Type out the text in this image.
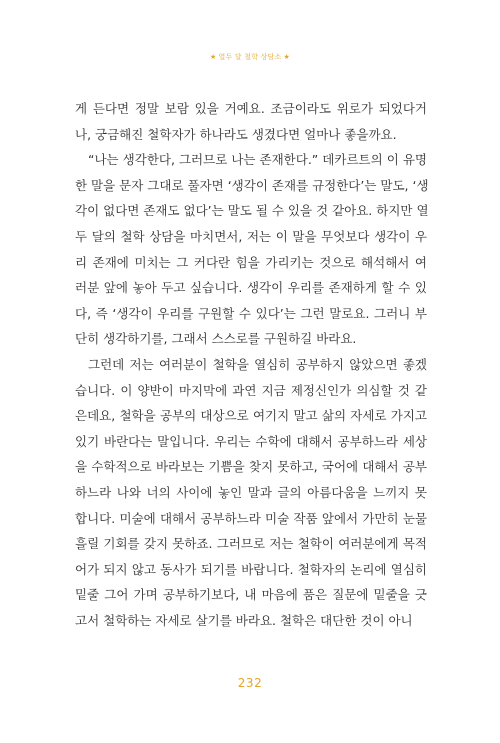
★ 열두 달 철학 상담소 ★
게 든다면 정말 보람 있을 거예요. 조금이라도 위로가 되었다거
나, 궁금해진 철학자가 하나라도 생겼다면 얼마나 좋을까요.
“나는 생각한다, 그러므로 나는 존재한다.” 데카르트의 이 유명
한 말을 문자 그대로 풀자면 ‘생각이 존재를 규정한다’는 말도, ‘생
각이 없다면 존재도 없다’는 말도 될 수 있을 것 같아요. 하지만 열
두 달의 철학 상담을 마치면서, 저는 이 말을 무엇보다 생각이 우
리 존재에 미치는 그 커다란 힘을 가리키는 것으로 해석해서 여
러분 앞에 놓아 두고 싶습니다. 생각이 우리를 존재하게 할 수 있
다, 즉 ‘생각이 우리를 구원할 수 있다’는 그런 말로요. 그러니 부
단히 생각하기를, 그래서 스스로를 구원하길 바라요.
그런데 저는 여러분이 철학을 열심히 공부하지 않았으면 좋겠
습니다. 이 양반이 마지막에 과연 지금 제정신인가 의심할 것 같
은데요, 철학을 공부의 대상으로 여기지 말고 삶의 자세로 가지고
있기 바란다는 말입니다. 우리는 수학에 대해서 공부하느라 세상
을 수학적으로 바라보는 기쁨을 찾지 못하고, 국어에 대해서 공부
하느라 나와 너의 사이에 놓인 말과 글의 아름다움을 느끼지 못
합니다. 미술에 대해서 공부하느라 미술 작품 앞에서 가만히 눈물
흘릴 기회를 갖지 못하죠. 그러므로 저는 철학이 여러분에게 목적
어가 되지 않고 동사가 되기를 바랍니다. 철학자의 논리에 열심히
밑줄 그어 가며 공부하기보다, 내 마음에 품은 질문에 밑줄을 긋
고서 철학하는 자세로 살기를 바라요. 철학은 대단한 것이 아니
232
